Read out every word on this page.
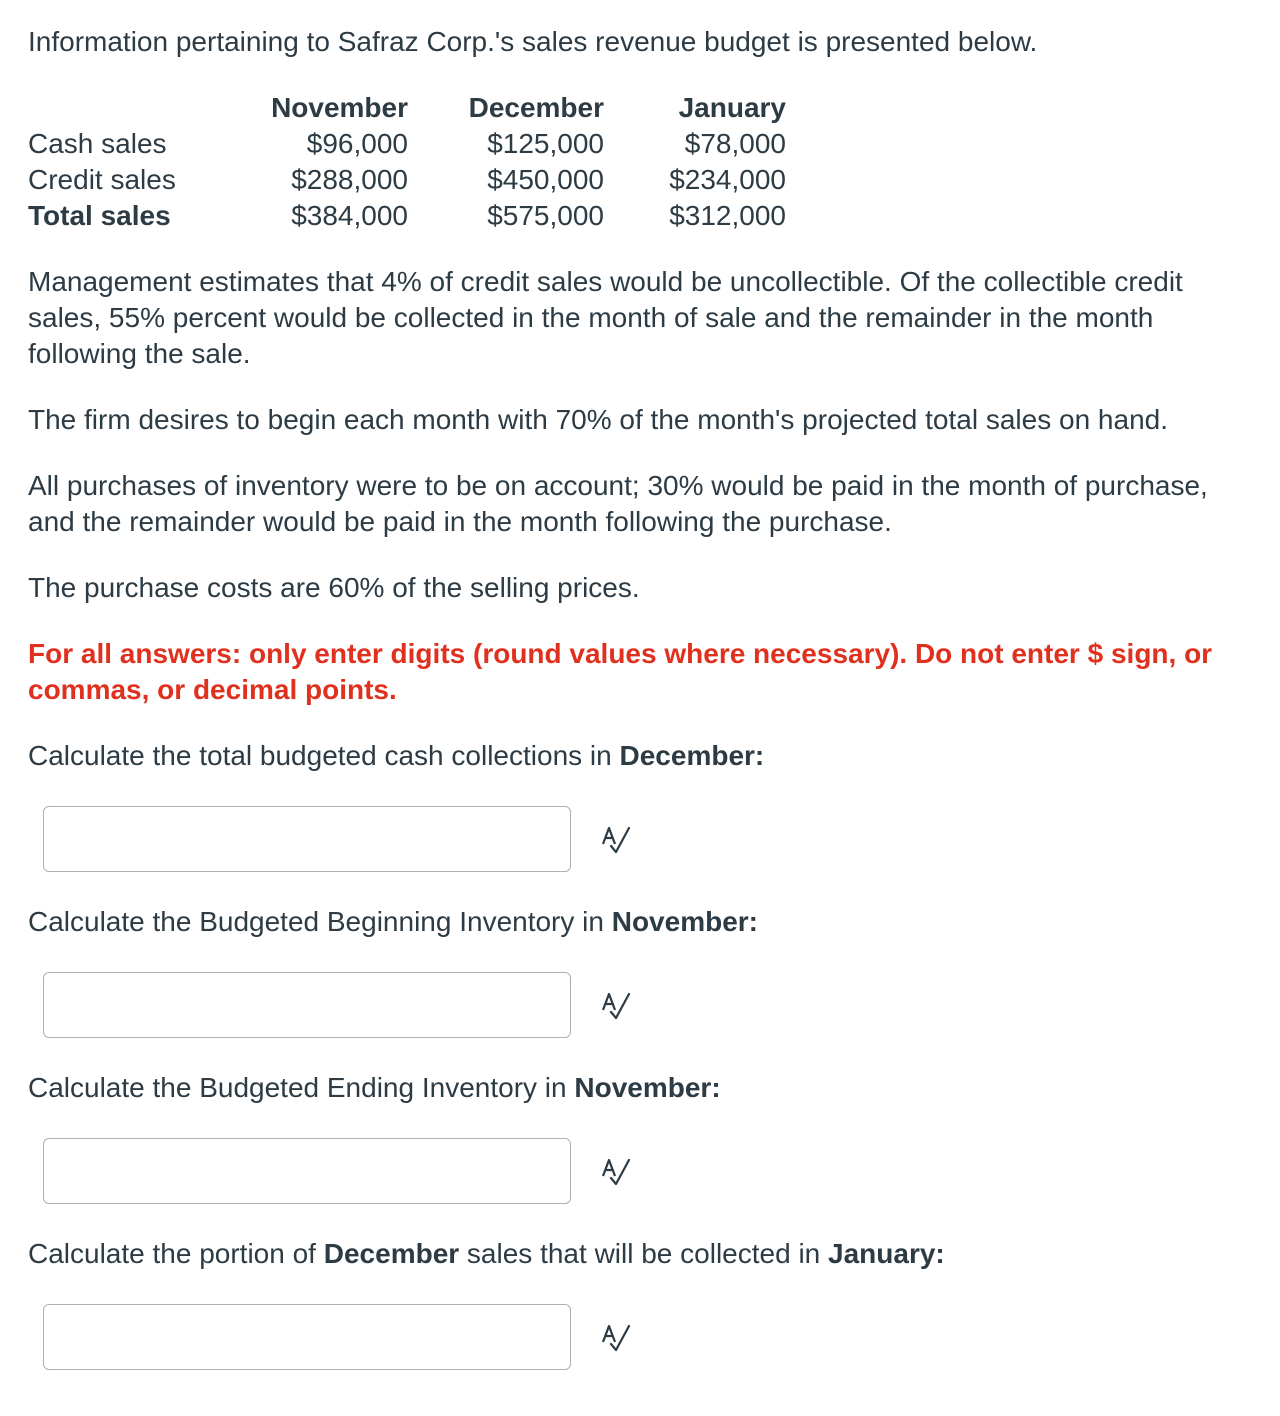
Information pertaining to Safraz Corp.'s sales revenue budget is presented below.

	November	December	January
Cash sales	$96,000	$125,000	$78,000
Credit sales	$288,000	$450,000	$234,000
Total sales	$384,000	$575,000	$312,000

Management estimates that 4% of credit sales would be uncollectible. Of the collectible credit sales, 55% percent would be collected in the month of sale and the remainder in the month following the sale.

The firm desires to begin each month with 70% of the month's projected total sales on hand.

All purchases of inventory were to be on account; 30% would be paid in the month of purchase, and the remainder would be paid in the month following the purchase.

The purchase costs are 60% of the selling prices.

For all answers: only enter digits (round values where necessary). Do not enter $ sign, or commas, or decimal points.

Calculate the total budgeted cash collections in December:

Calculate the Budgeted Beginning Inventory in November:

Calculate the Budgeted Ending Inventory in November:

Calculate the portion of December sales that will be collected in January:
